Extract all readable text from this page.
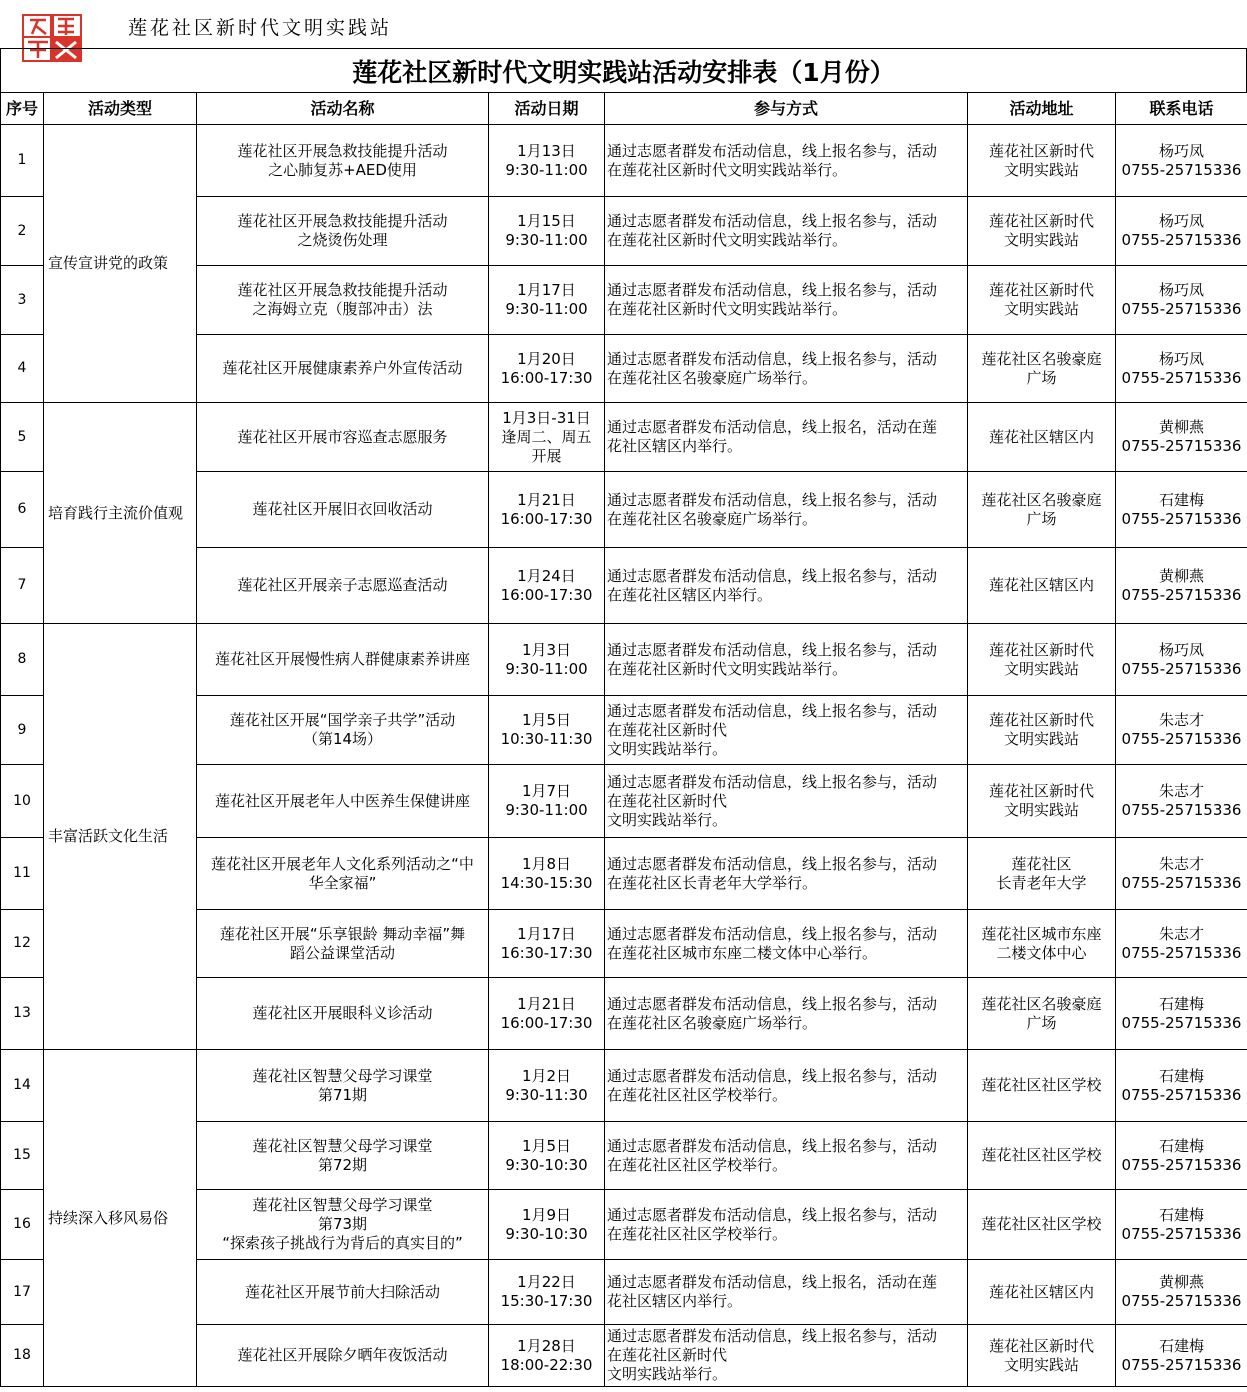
莲花社区新时代文明实践站
莲花社区新时代文明实践站活动安排表（1月份）
序号	活动类型	活动名称	活动日期	参与方式	活动地址	联系电话
1	宣传宣讲党的政策	莲花社区开展急救技能提升活动
之心肺复苏+AED使用	1月13日
9:30-11:00	通过志愿者群发布活动信息，线上报名参与，活动
在莲花社区新时代文明实践站举行。	莲花社区新时代
文明实践站	杨巧凤
0755-25715336
2		莲花社区开展急救技能提升活动
之烧烫伤处理	1月15日
9:30-11:00	通过志愿者群发布活动信息，线上报名参与，活动
在莲花社区新时代文明实践站举行。	莲花社区新时代
文明实践站	杨巧凤
0755-25715336
3		莲花社区开展急救技能提升活动
之海姆立克（腹部冲击）法	1月17日
9:30-11:00	通过志愿者群发布活动信息，线上报名参与，活动
在莲花社区新时代文明实践站举行。	莲花社区新时代
文明实践站	杨巧凤
0755-25715336
4		莲花社区开展健康素养户外宣传活动	1月20日
16:00-17:30	通过志愿者群发布活动信息，线上报名参与，活动
在莲花社区名骏豪庭广场举行。	莲花社区名骏豪庭
广场	杨巧凤
0755-25715336
5	培育践行主流价值观	莲花社区开展市容巡查志愿服务	1月3日-31日
逢周二、周五
开展	通过志愿者群发布活动信息，线上报名，活动在莲
花社区辖区内举行。	莲花社区辖区内	黄柳燕
0755-25715336
6		莲花社区开展旧衣回收活动	1月21日
16:00-17:30	通过志愿者群发布活动信息，线上报名参与，活动
在莲花社区名骏豪庭广场举行。	莲花社区名骏豪庭
广场	石建梅
0755-25715336
7		莲花社区开展亲子志愿巡查活动	1月24日
16:00-17:30	通过志愿者群发布活动信息，线上报名参与，活动
在莲花社区辖区内举行。	莲花社区辖区内	黄柳燕
0755-25715336
8	丰富活跃文化生活	莲花社区开展慢性病人群健康素养讲座	1月3日
9:30-11:00	通过志愿者群发布活动信息，线上报名参与，活动
在莲花社区新时代文明实践站举行。	莲花社区新时代
文明实践站	杨巧凤
0755-25715336
9		莲花社区开展“国学亲子共学”活动
（第14场）	1月5日
10:30-11:30	通过志愿者群发布活动信息，线上报名参与，活动
在莲花社区新时代
文明实践站举行。	莲花社区新时代
文明实践站	朱志才
0755-25715336
10		莲花社区开展老年人中医养生保健讲座	1月7日
9:30-11:00	通过志愿者群发布活动信息，线上报名参与，活动
在莲花社区新时代
文明实践站举行。	莲花社区新时代
文明实践站	朱志才
0755-25715336
11		莲花社区开展老年人文化系列活动之“中
华全家福”	1月8日
14:30-15:30	通过志愿者群发布活动信息，线上报名参与，活动
在莲花社区长青老年大学举行。	莲花社区
长青老年大学	朱志才
0755-25715336
12		莲花社区开展“乐享银龄 舞动幸福”舞
蹈公益课堂活动	1月17日
16:30-17:30	通过志愿者群发布活动信息，线上报名参与，活动
在莲花社区城市东座二楼文体中心举行。	莲花社区城市东座
二楼文体中心	朱志才
0755-25715336
13		莲花社区开展眼科义诊活动	1月21日
16:00-17:30	通过志愿者群发布活动信息，线上报名参与，活动
在莲花社区名骏豪庭广场举行。	莲花社区名骏豪庭
广场	石建梅
0755-25715336
14	持续深入移风易俗	莲花社区智慧父母学习课堂
第71期	1月2日
9:30-11:30	通过志愿者群发布活动信息，线上报名参与，活动
在莲花社区社区学校举行。	莲花社区社区学校	石建梅
0755-25715336
15		莲花社区智慧父母学习课堂
第72期	1月5日
9:30-10:30	通过志愿者群发布活动信息，线上报名参与，活动
在莲花社区社区学校举行。	莲花社区社区学校	石建梅
0755-25715336
16		莲花社区智慧父母学习课堂
第73期
“探索孩子挑战行为背后的真实目的”	1月9日
9:30-10:30	通过志愿者群发布活动信息，线上报名参与，活动
在莲花社区社区学校举行。	莲花社区社区学校	石建梅
0755-25715336
17		莲花社区开展节前大扫除活动	1月22日
15:30-17:30	通过志愿者群发布活动信息，线上报名，活动在莲
花社区辖区内举行。	莲花社区辖区内	黄柳燕
0755-25715336
18		莲花社区开展除夕晒年夜饭活动	1月28日
18:00-22:30	通过志愿者群发布活动信息，线上报名参与，活动
在莲花社区新时代
文明实践站举行。	莲花社区新时代
文明实践站	石建梅
0755-25715336
